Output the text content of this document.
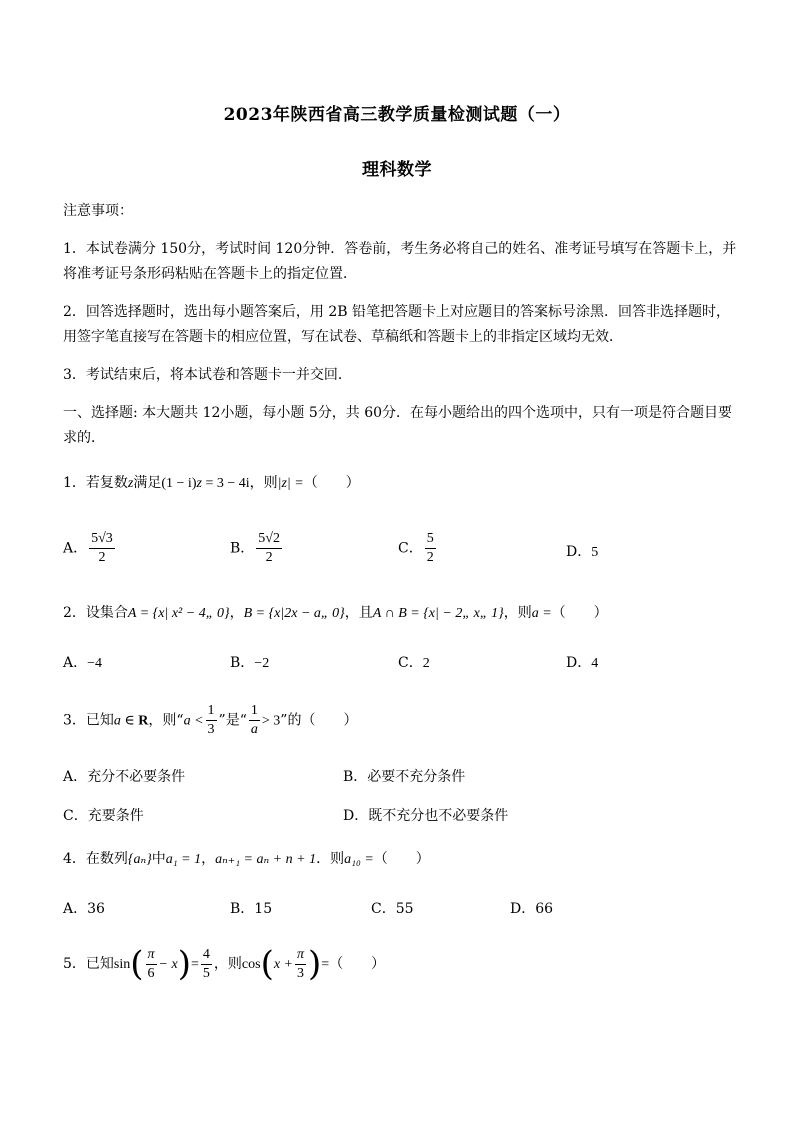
2023年陕西省高三教学质量检测试题（一）
理科数学
注意事项：
1．本试卷满分 150分，考试时间 120分钟．答卷前，考生务必将自己的姓名、准考证号填写在答题卡上，并
将准考证号条形码粘贴在答题卡上的指定位置．
2．回答选择题时，选出每小题答案后，用 2B 铅笔把答题卡上对应题目的答案标号涂黑．回答非选择题时，
用签字笔直接写在答题卡的相应位置，写在试卷、草稿纸和答题卡上的非指定区域均无效．
3．考试结束后，将本试卷和答题卡一并交回．
一、选择题: 本大题共 12小题，每小题 5分，共 60分．在每小题给出的四个选项中，只有一项是符合题目要
求的．
1．若复数z满足(1 − i)z = 3 − 4i，则|z| =（　　）
A． $\frac{5√3}{2}$	B． $\frac{5√2}{2}$	C． $\frac{5}{2}$	D．5
2．设集合A = {x| x² − 4„ 0}，B = {x|2x − a„ 0}，且A ∩ B = {x| − 2„ x„ 1}，则a =（　　）
A．−4	B．−2	C．2	D．4
3．已知a ∈ R，则“$a < \frac{1}{3}$ ”是“ $\frac{1}{a} > 3$”的（　　）
A．充分不必要条件	B．必要不充分条件
C．充要条件	D．既不充分也不必要条件
4．在数列{aₙ}中a₁ = 1，aₙ₊₁ = aₙ + n + 1．则a₁₀ =（　　）
A．36	B．15	C．55	D．66
5．已知$\sin( \frac{\pi}{6} - x)= \frac{4}{5}$ ，则$\cos(x + \frac{\pi}{3}$ )=（　　）
